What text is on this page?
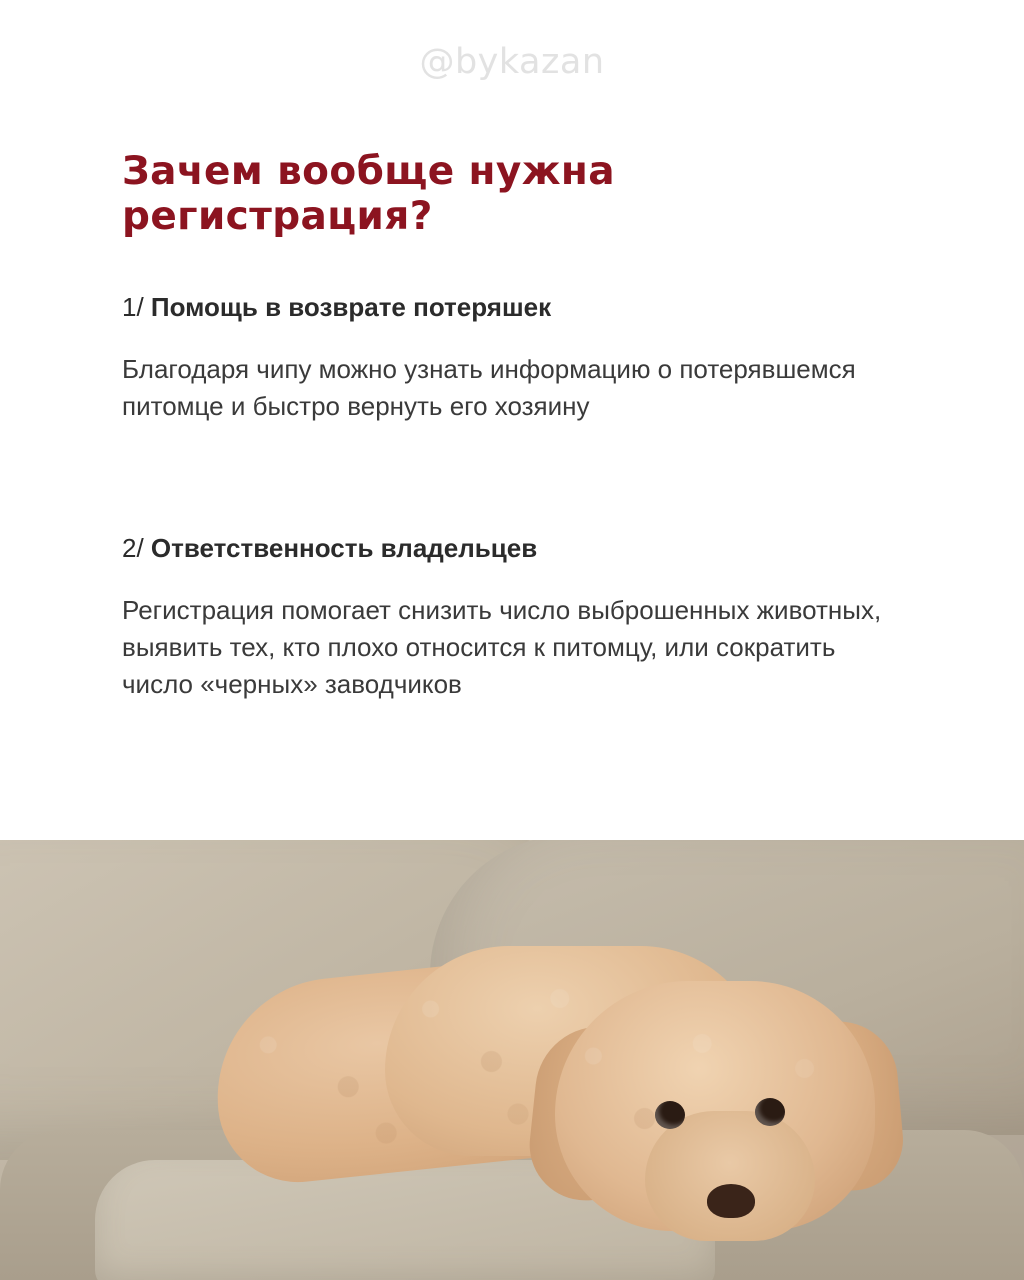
@bykazan
Зачем вообще нужна регистрация?
1/ Помощь в возврате потеряшек

Благодаря чипу можно узнать информацию о потерявшемся питомце и быстро вернуть его хозяину

2/ Ответственность владельцев

Регистрация помогает снизить число выброшенных животных, выявить тех, кто плохо относится к питомцу, или сократить число «черных» заводчиков
